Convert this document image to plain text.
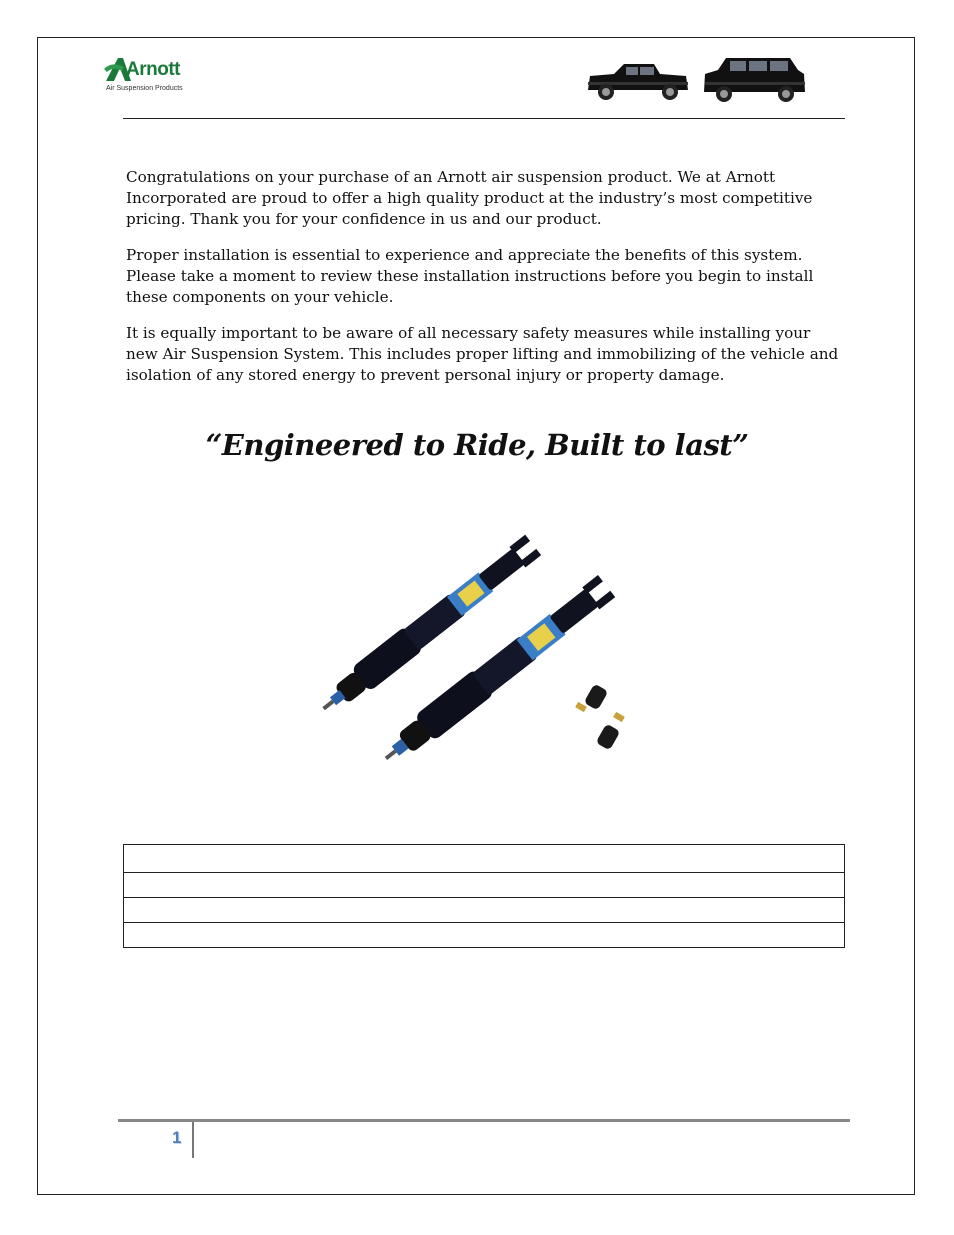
Arnott
Air Suspension Products

Congratulations on your purchase of an Arnott air suspension product. We at Arnott Incorporated are proud to offer a high quality product at the industry’s most competitive pricing. Thank you for your confidence in us and our product.

Proper installation is essential to experience and appreciate the benefits of this system. Please take a moment to review these installation instructions before you begin to install these components on your vehicle.

It is equally important to be aware of all necessary safety measures while installing your new Air Suspension System. This includes proper lifting and immobilizing of the vehicle and isolation of any stored energy to prevent personal injury or property damage.

“Engineered to Ride, Built to last”

1
